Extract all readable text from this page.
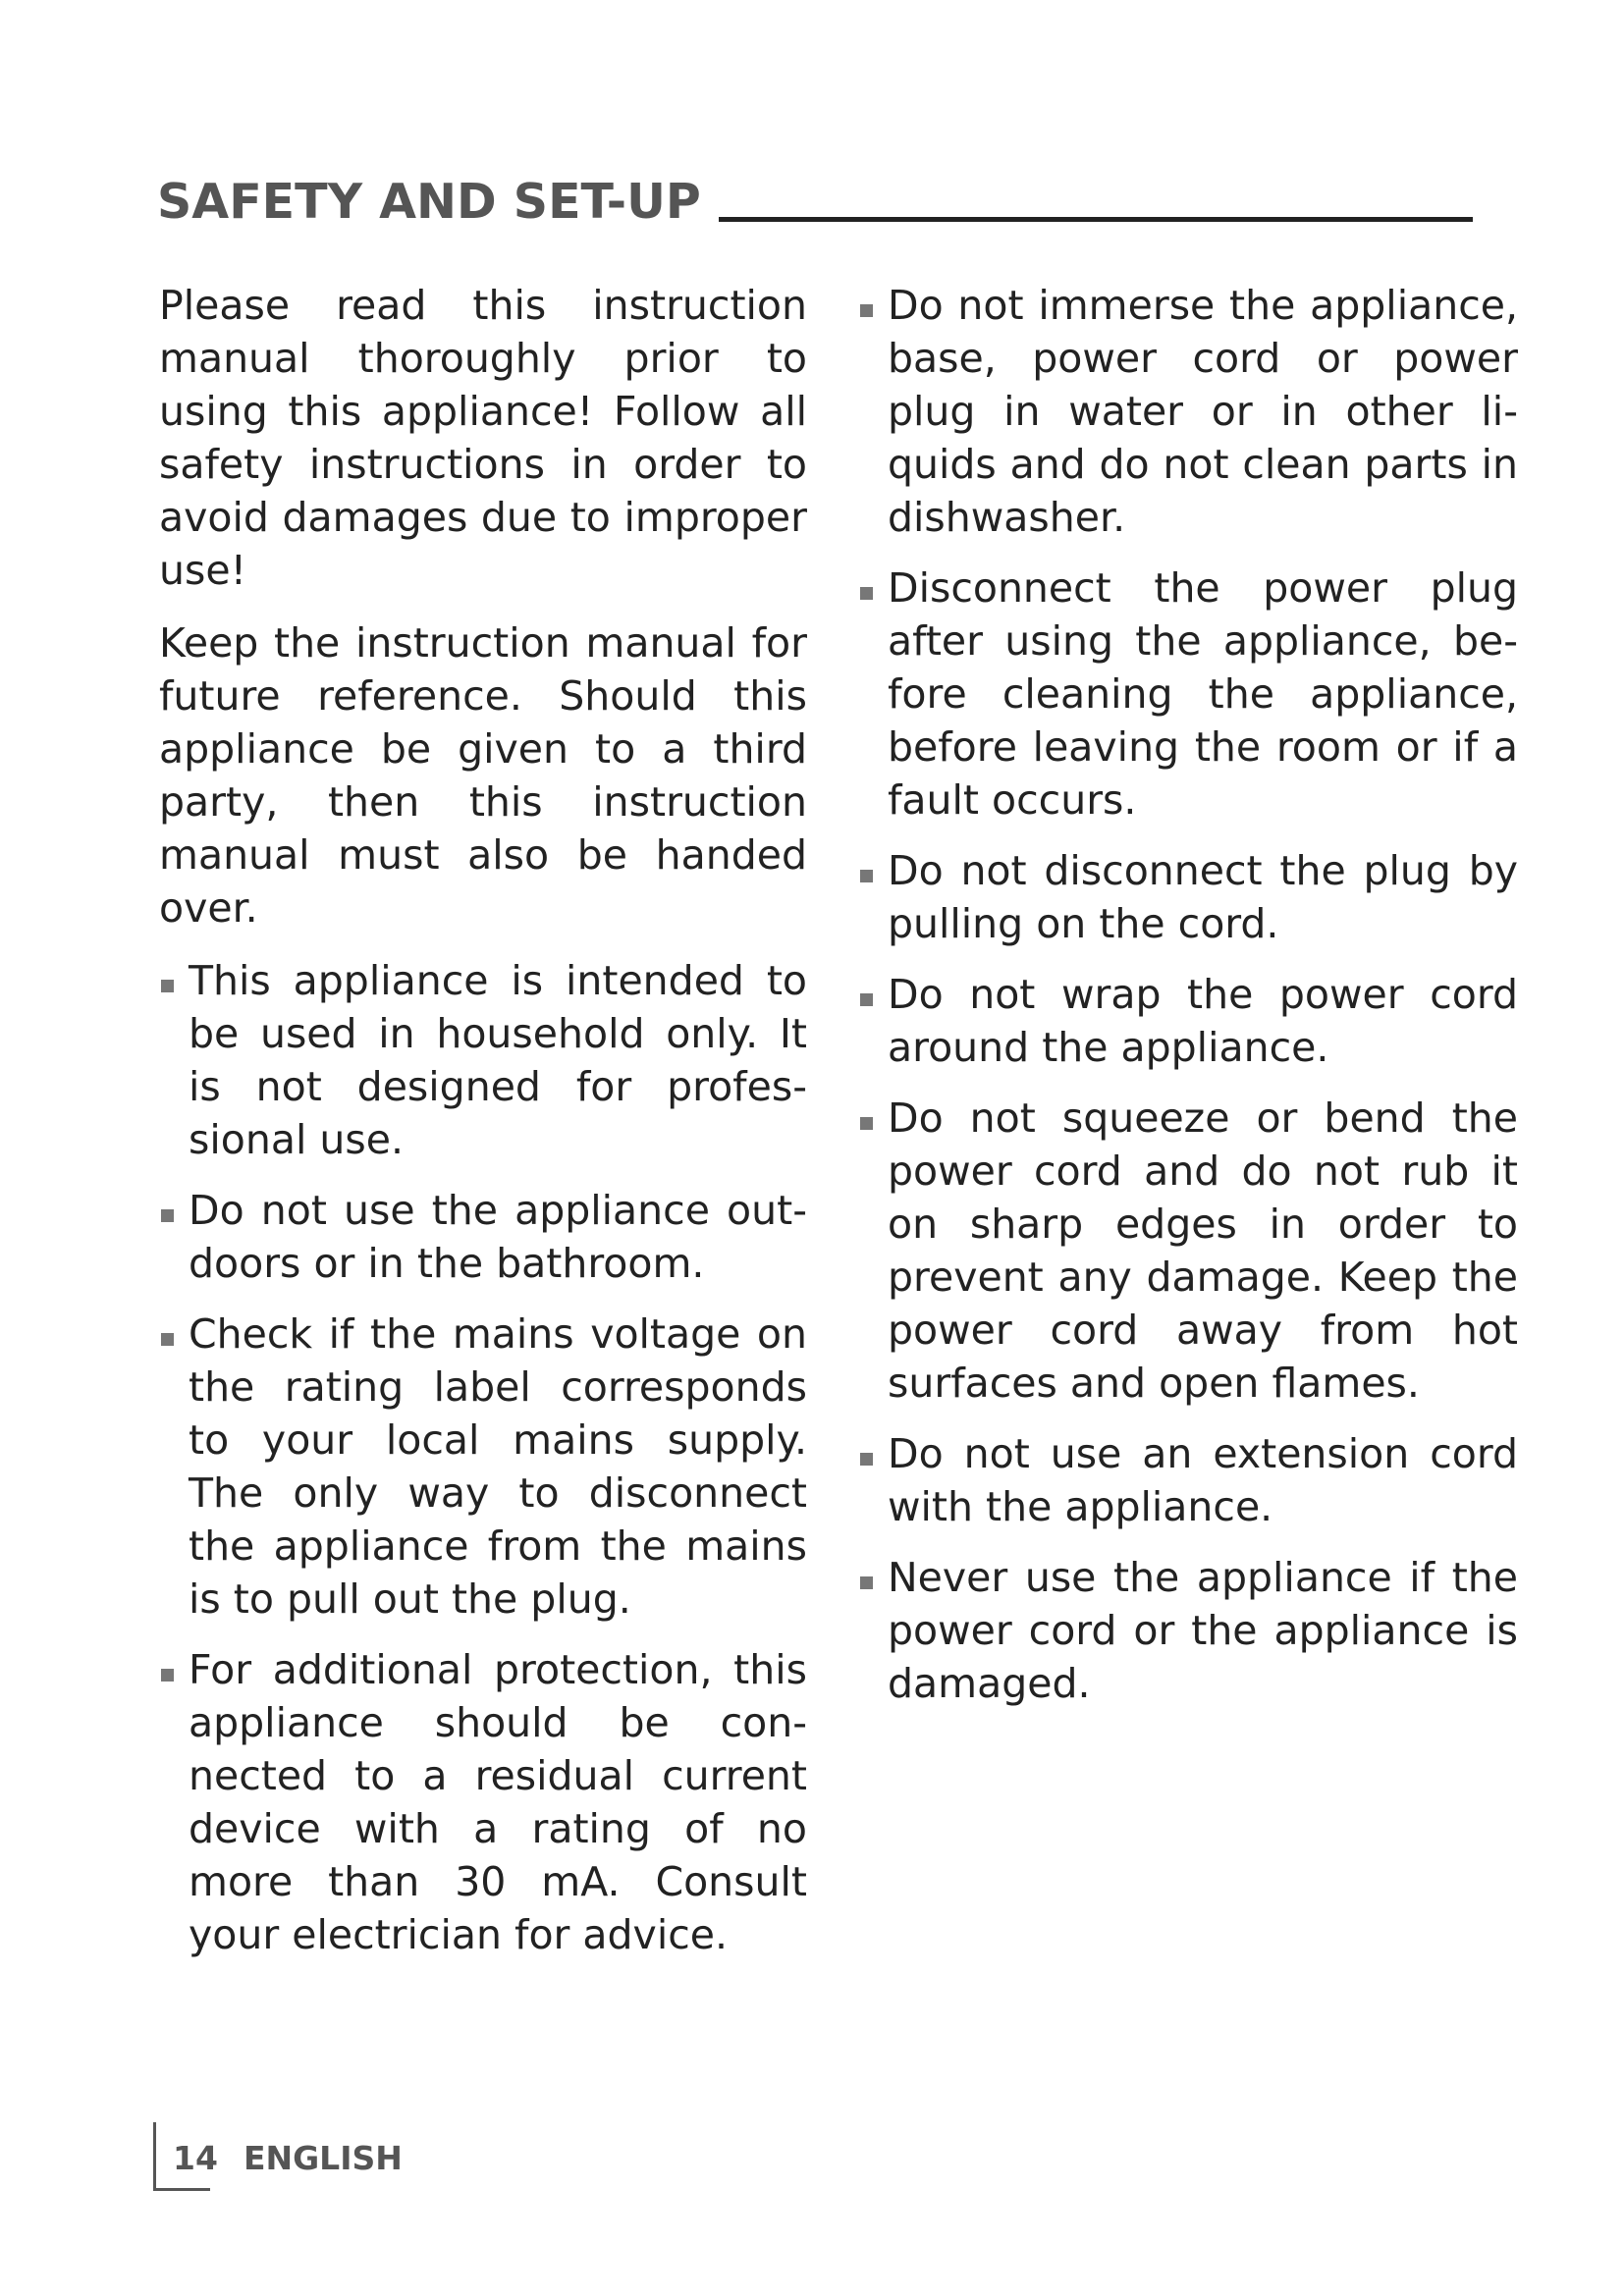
SAFETY AND SET-UP

Please read this instruction manual thoroughly prior to using this appliance! Follow all safety instructions in order to avoid damages due to improper use!

Keep the instruction manual for future reference. Should this appliance be given to a third party, then this instruction manual must also be handed over.

This appliance is intended to be used in household only. It is not designed for professional use.
Do not use the appliance outdoors or in the bathroom.
Check if the mains voltage on the rating label corresponds to your local mains supply. The only way to disconnect the appliance from the mains is to pull out the plug.
For additional protection, this appliance should be connected to a residual current device with a rating of no more than 30 mA. Consult your electrician for advice.
Do not immerse the appliance, base, power cord or power plug in water or in other liquids and do not clean parts in dishwasher.
Disconnect the power plug after using the appliance, before cleaning the appliance, before leaving the room or if a fault occurs.
Do not disconnect the plug by pulling on the cord.
Do not wrap the power cord around the appliance.
Do not squeeze or bend the power cord and do not rub it on sharp edges in order to prevent any damage. Keep the power cord away from hot surfaces and open flames.
Do not use an extension cord with the appliance.
Never use the appliance if the power cord or the appliance is damaged.
14 ENGLISH
